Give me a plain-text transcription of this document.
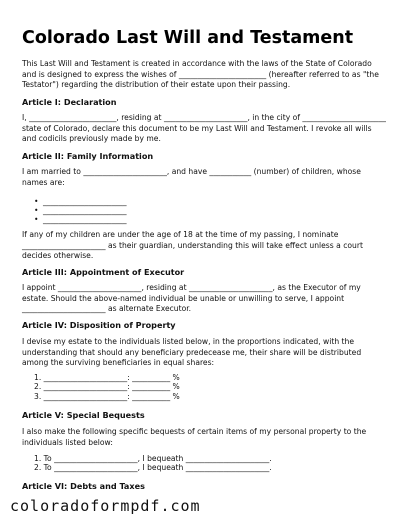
Colorado Last Will and Testament

This Last Will and Testament is created in accordance with the laws of the State of Colorado and is designed to express the wishes of _______________________ (hereafter referred to as "the Testator") regarding the distribution of their estate upon their passing.

Article I: Declaration

I, _______________________, residing at ______________________, in the city of ______________________ state of Colorado, declare this document to be my Last Will and Testament. I revoke all wills and codicils previously made by me.

Article II: Family Information

I am married to ______________________, and have ___________ (number) of children, whose names are:

• ______________________
• ______________________
• ______________________

If any of my children are under the age of 18 at the time of my passing, I nominate ______________________ as their guardian, understanding this will take effect unless a court decides otherwise.

Article III: Appointment of Executor

I appoint ______________________, residing at ______________________, as the Executor of my estate. Should the above-named individual be unable or unwilling to serve, I appoint ______________________ as alternate Executor.

Article IV: Disposition of Property

I devise my estate to the individuals listed below, in the proportions indicated, with the understanding that should any beneficiary predecease me, their share will be distributed among the surviving beneficiaries in equal shares:

1. ______________________: __________ %
2. ______________________: __________ %
3. ______________________: __________ %
Article V: Special Bequests

I also make the following specific bequests of certain items of my personal property to the individuals listed below:

1. To ______________________, I bequeath ______________________.
2. To ______________________, I bequeath ______________________.
Article VI: Debts and Taxes
coloradoformpdf.com
